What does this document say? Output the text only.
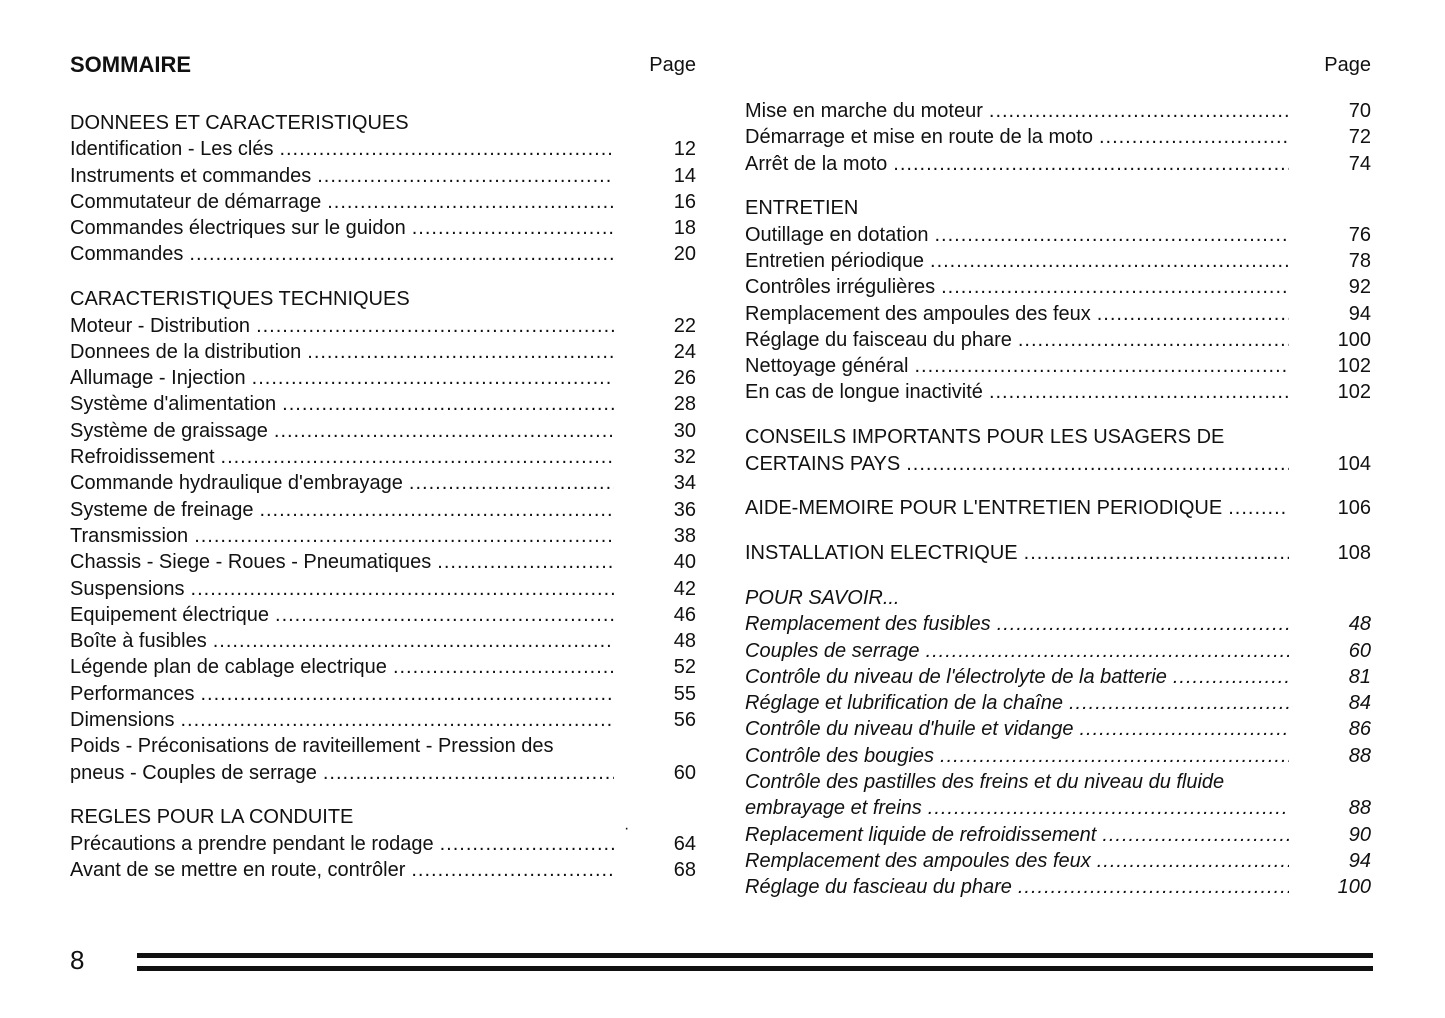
SOMMAIRE	Page
DONNEES ET CARACTERISTIQUES
Identification - Les clés .....	12
Instruments et commandes .....	14
Commutateur de démarrage .....	16
Commandes électriques sur le guidon .....	18
Commandes .....	20
CARACTERISTIQUES TECHNIQUES
Moteur - Distribution .....	22
Donnees de la distribution .....	24
Allumage - Injection .....	26
Système d'alimentation .....	28
Système de graissage .....	30
Refroidissement .....	32
Commande hydraulique d'embrayage .....	34
Systeme de freinage .....	36
Transmission .....	38
Chassis - Siege - Roues - Pneumatiques .....	40
Suspensions .....	42
Equipement électrique .....	46
Boîte à fusibles .....	48
Légende plan de cablage electrique .....	52
Performances .....	55
Dimensions .....	56
Poids - Préconisations de raviteillement - Pression des
pneus - Couples de serrage .....	60
REGLES POUR LA CONDUITE
Précautions a prendre pendant le rodage .....	64
Avant de se mettre en route, contrôler .....	68
·
Page
Mise en marche du moteur .....	70
Démarrage et mise en route de la moto .....	72
Arrêt de la moto .....	74
ENTRETIEN
Outillage en dotation .....	76
Entretien périodique .....	78
Contrôles irrégulières .....	92
Remplacement des ampoules des feux .....	94
Réglage du faisceau du phare .....	100
Nettoyage général .....	102
En cas de longue inactivité .....	102
CONSEILS IMPORTANTS POUR LES USAGERS DE
CERTAINS PAYS .....	104
AIDE-MEMOIRE POUR L'ENTRETIEN PERIODIQUE .....	106
INSTALLATION ELECTRIQUE .....	108
POUR SAVOIR...
Remplacement des fusibles .....	48
Couples de serrage .....	60
Contrôle du niveau de l'électrolyte de la batterie .....	81
Réglage et lubrification de la chaîne .....	84
Contrôle du niveau d'huile et vidange .....	86
Contrôle des bougies .....	88
Contrôle des pastilles des freins et du niveau du fluide
embrayage et freins .....	88
Replacement liquide de refroidissement .....	90
Remplacement des ampoules des feux .....	94
Réglage du fascieau du phare .....	100
8
